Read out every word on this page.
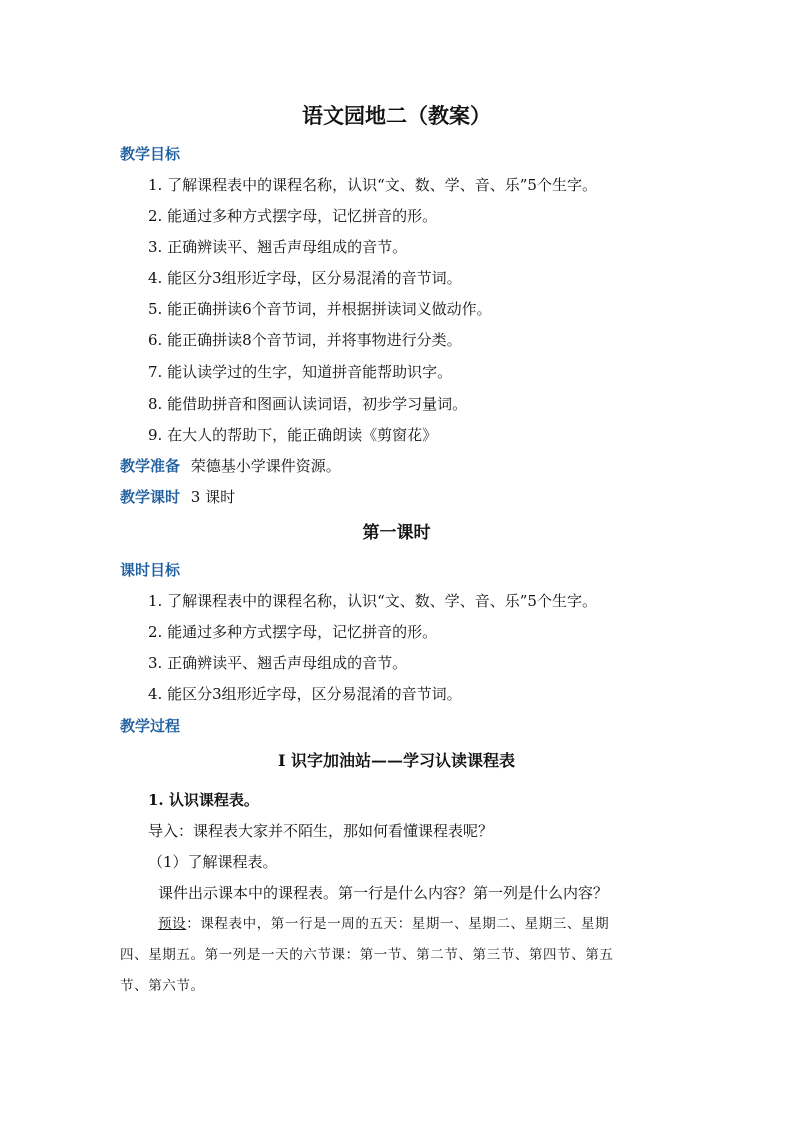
语文园地二（教案）
教学目标
1. 了解课程表中的课程名称，认识“文、数、学、音、乐”5个生字。
2. 能通过多种方式摆字母，记忆拼音的形。
3. 正确辨读平、翘舌声母组成的音节。
4. 能区分3组形近字母，区分易混淆的音节词。
5. 能正确拼读6个音节词，并根据拼读词义做动作。
6. 能正确拼读8个音节词，并将事物进行分类。
7. 能认读学过的生字，知道拼音能帮助识字。
8. 能借助拼音和图画认读词语，初步学习量词。
9. 在大人的帮助下，能正确朗读《剪窗花》
教学准备 荣德基小学课件资源。
教学课时 3 课时
第一课时
课时目标
1. 了解课程表中的课程名称，认识“文、数、学、音、乐”5个生字。
2. 能通过多种方式摆字母，记忆拼音的形。
3. 正确辨读平、翘舌声母组成的音节。
4. 能区分3组形近字母，区分易混淆的音节词。
教学过程
Ⅰ 识字加油站——学习认读课程表
1. 认识课程表。
导入：课程表大家并不陌生，那如何看懂课程表呢？
（1）了解课程表。
课件出示课本中的课程表。第一行是什么内容？第一列是什么内容？
预设：课程表中，第一行是一周的五天：星期一、星期二、星期三、星期
四、星期五。第一列是一天的六节课：第一节、第二节、第三节、第四节、第五
节、第六节。
